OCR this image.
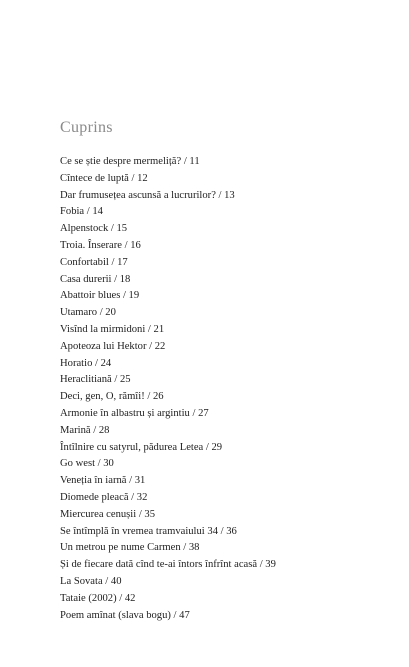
Cuprins
Ce se știe despre mermeliță? / 11
Cîntece de luptă / 12
Dar frumusețea ascunsă a lucrurilor? / 13
Fobia / 14
Alpenstock / 15
Troia. Înserare / 16
Confortabil / 17
Casa durerii / 18
Abattoir blues / 19
Utamaro / 20
Visînd la mirmidoni / 21
Apoteoza lui Hektor / 22
Horatio / 24
Heraclitiană / 25
Deci, gen, O, rămîi! / 26
Armonie în albastru și argintiu / 27
Marină / 28
Întîlnire cu satyrul, pădurea Letea / 29
Go west / 30
Veneția în iarnă / 31
Diomede pleacă / 32
Miercurea cenușii / 35
Se întîmplă în vremea tramvaiului 34 / 36
Un metrou pe nume Carmen / 38
Și de fiecare dată cînd te-ai întors înfrînt acasă / 39
La Sovata / 40
Tataie (2002) / 42
Poem amînat (slava bogu) / 47
